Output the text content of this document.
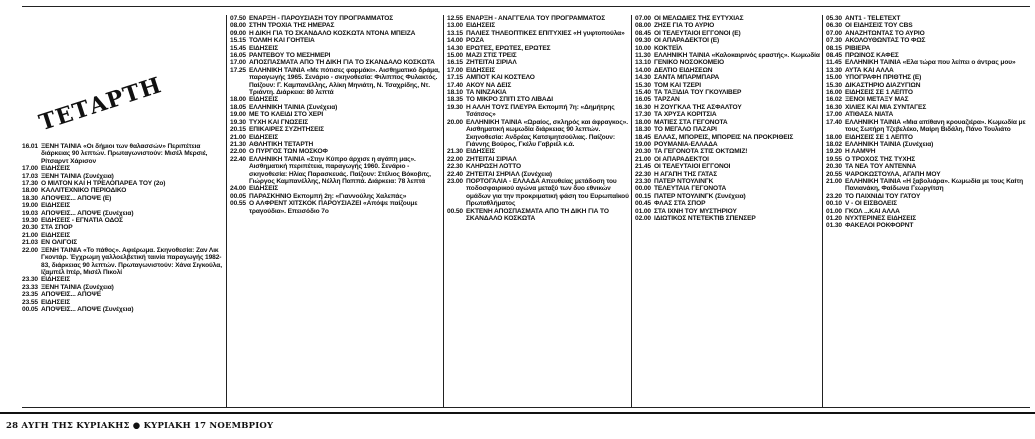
16.01 ΞΕΝΗ ΤΑΙΝΙΑ «Οι δήμιοι των θαλασσών» Περιπέτεια διάρκειας 90 λεπτών. Πρωταγωνιστούν: Μισέλ Μερσιέ, Ρίτσαρντ Χάρισον
17.00 ΕΙΔΗΣΕΙΣ
17.03 ΞΕΝΗ ΤΑΙΝΙΑ (Συνέχεια)
17.30 Ο ΜΙΛΤΟΝ ΚΑΙ Η ΤΡΕΛΟΠΑΡΕΑ ΤΟΥ (2ο)
18.00 ΚΑΛΛΙΤΕΧΝΙΚΟ ΠΕΡΙΟΔΙΚΟ
18.30 ΑΠΟΨΕΙΣ... ΑΠΟΨΕ (Ε)
19.00 ΕΙΔΗΣΕΙΣ
19.03 ΑΠΟΨΕΙΣ... ΑΠΟΨΕ (Συνέχεια)
19.30 ΕΙΔΗΣΕΙΣ - ΕΓΝΑΤΙΑ ΟΔΟΣ
20.30 ΣΤΑ ΣΠΟΡ
21.00 ΕΙΔΗΣΕΙΣ
21.03 ΕΝ ΟΛΙΓΟΙΣ
22.00 ΞΕΝΗ ΤΑΙΝΙΑ «Το πάθος». Αφιέρωμα. Σκηνοθεσία: Ζαν Λικ Γκοντάρ. Έγχρωμη γαλλοελβετική ταινία παραγωγής 1982-83, διάρκειας 90 λεπτών. Πρωταγωνιστούν: Χάνα Σιγκούλα, Ιζαμπέλ Ιπέρ, Μισέλ Πικολί
23.30 ΕΙΔΗΣΕΙΣ
23.33 ΞΕΝΗ ΤΑΙΝΙΑ (Συνέχεια)
23.35 ΑΠΟΨΕΙΣ... ΑΠΟΨΕ
23.55 ΕΙΔΗΣΕΙΣ
00.05 ΑΠΟΨΕΙΣ... ΑΠΟΨΕ (Συνέχεια)
07.50 ΕΝΑΡΞΗ - ΠΑΡΟΥΣΙΑΣΗ ΤΟΥ ΠΡΟΓΡΑΜΜΑΤΟΣ
08.00 ΣΤΗΝ ΤΡΟΧΙΑ ΤΗΣ ΗΜΕΡΑΣ
09.00 Η ΔΙΚΗ ΓΙΑ ΤΟ ΣΚΑΝΔΑΛΟ ΚΟΣΚΩΤΑ ΝΤΟΝΑ ΜΠΕΙΖΑ
15.15 ΤΟΛΜΗ ΚΑΙ ΓΟΗΤΕΙΑ
15.45 ΕΙΔΗΣΕΙΣ
16.05 ΡΑΝΤΕΒΟΥ ΤΟ ΜΕΣΗΜΕΡΙ
17.00 ΑΠΟΣΠΑΣΜΑΤΑ ΑΠΟ ΤΗ ΔΙΚΗ ΓΙΑ ΤΟ ΣΚΑΝΔΑΛΟ ΚΟΣΚΩΤΑ
17.25 ΕΛΛΗΝΙΚΗ ΤΑΙΝΙΑ «Με πότισες φαρμάκι». Αισθηματικό δράμα, παραγωγής 1965. Σενάριο - σκηνοθεσία: Φιλιππος Φυλακτός. Παίζουν: Γ. Καμπανέλλης, Αλίκη Μηνιάτη, Ν. Τσαχρίδης, Ντ. Τριάντη. Διάρκεια: 80 λεπτά
18.00 ΕΙΔΗΣΕΙΣ
18.05 ΕΛΛΗΝΙΚΗ ΤΑΙΝΙΑ (Συνέχεια)
19.00 ΜΕ ΤΟ ΚΛΕΙΔΙ ΣΤΟ ΧΕΡΙ
19.30 ΤΥΧΗ ΚΑΙ ΓΝΩΣΕΙΣ
20.15 ΕΠΙΚΑΙΡΕΣ ΣΥΖΗΤΗΣΕΙΣ
21.00 ΕΙΔΗΣΕΙΣ
21.30 ΑΘΛΗΤΙΚΗ ΤΕΤΑΡΤΗ
22.00 Ο ΠΥΡΓΟΣ ΤΩΝ ΜΟΣΚΟΦ
22.40 ΕΛΛΗΝΙΚΗ ΤΑΙΝΙΑ «Στην Κύπρο άρχισε η αγάπη μας». Αισθηματική περιπέτεια, παραγωγής 1960. Σενάριο - σκηνοθεσία: Ηλίας Παρασκευάς. Παίζουν: Στέλιος Βόκοβιτς, Γιώργος Καμπανέλλης, Νέλλη Παππά. Διάρκεια: 78 λεπτά
24.00 ΕΙΔΗΣΕΙΣ
00.05 ΠΑΡΑΣΚΗΝΙΟ Εκπομπή 2η: «Γιαννούλης Χαλεπάς»
00.55 Ο ΑΛΦΡΕΝΤ ΧΙΤΣΚΟΚ ΠΑΡΟΥΣΙΑΖΕΙ «Απόψε παίζουμε τραγούδια». Επεισόδιο 7ο
12.55 ΕΝΑΡΞΗ - ΑΝΑΓΓΕΛΙΑ ΤΟΥ ΠΡΟΓΡΑΜΜΑΤΟΣ
13.00 ΕΙΔΗΣΕΙΣ
13.15 ΠΑΛΙΕΣ ΤΗΛΕΟΠΤΙΚΕΣ ΕΠΙΤΥΧΙΕΣ «Η γυφτοπούλα»
14.00 ΡΟΖΑ
14.30 ΕΡΩΤΕΣ, ΕΡΩΤΕΣ, ΕΡΩΤΕΣ
15.00 ΜΑΖΙ ΣΤΙΣ ΤΡΕΙΣ
16.15 ΖΗΤΕΙΤΑΙ ΣΙΡΙΑΛ
17.00 ΕΙΔΗΣΕΙΣ
17.15 ΑΜΠΟΤ ΚΑΙ ΚΟΣΤΕΛΟ
17.40 ΑΚΟΥ ΝΑ ΔΕΙΣ
18.10 ΤΑ ΝΙΝΖΑΚΙΑ
18.35 ΤΟ ΜΙΚΡΟ ΣΠΙΤΙ ΣΤΟ ΛΙΒΑΔΙ
19.30 Η ΑΛΛΗ ΤΟΥΣ ΠΛΕΥΡΑ Εκπομπή 7η: «Δημήτρης Τσάτσος»
20.00 ΕΛΛΗΝΙΚΗ ΤΑΙΝΙΑ «Ωραίος, σκληρός και άφραγκος». Αισθηματική κωμωδία διάρκειας 90 λεπτών. Σκηνοθεσία: Ανδρέας Κατσιμητσούλιας. Παίζουν: Γιάννης Βούρος, Γκέλυ Γαβριέλ κ.ά.
21.30 ΕΙΔΗΣΕΙΣ
22.00 ΖΗΤΕΙΤΑΙ ΣΙΡΙΑΛ
22.30 ΚΛΗΡΩΣΗ ΛΟΤΤΟ
22.40 ΖΗΤΕΙΤΑΙ ΣΗΡΙΑΛ (Συνέχεια)
23.00 ΠΟΡΤΟΓΑΛΙΑ - ΕΛΛΑΔΑ Απευθείας μετάδοση του ποδοσφαιρικού αγώνα μεταξύ των δυο εθνικών ομάδων για την προκριματική φάση του Ευρωπαϊκού Πρωταθλήματος
00.50 ΕΚΤΕΝΗ ΑΠΟΣΠΑΣΜΑΤΑ ΑΠΟ ΤΗ ΔΙΚΗ ΓΙΑ ΤΟ ΣΚΑΝΔΑΛΟ ΚΟΣΚΩΤΑ
07.00 ΟΙ ΜΕΛΩΔΙΕΣ ΤΗΣ ΕΥΤΥΧΙΑΣ
08.00 ΖΗΣΕ ΓΙΑ ΤΟ ΑΥΡΙΟ
08.45 ΟΙ ΤΕΛΕΥΤΑΙΟΙ ΕΓΓΟΝΟΙ (Ε)
09.30 ΟΙ ΑΠΑΡΑΔΕΚΤΟΙ (Ε)
10.00 ΚΟΚΤΕΪΛ
11.30 ΕΛΛΗΝΙΚΗ ΤΑΙΝΙΑ «Καλοκαιρινός εραστής». Κωμωδία
13.10 ΓΕΝΙΚΟ ΝΟΣΟΚΟΜΕΙΟ
14.00 ΔΕΛΤΙΟ ΕΙΔΗΣΕΩΝ
14.30 ΣΑΝΤΑ ΜΠΑΡΜΠΑΡΑ
15.30 ΤΟΜ ΚΑΙ ΤΖΕΡΙ
15.40 ΤΑ ΤΑΞΙΔΙΑ ΤΟΥ ΓΚΟΥΛΙΒΕΡ
16.05 ΤΑΡΖΑΝ
16.30 Η ΖΟΥΓΚΛΑ ΤΗΣ ΑΣΦΑΛΤΟΥ
17.30 ΤΑ ΧΡΥΣΑ ΚΟΡΙΤΣΙΑ
18.00 ΜΑΤΙΕΣ ΣΤΑ ΓΕΓΟΝΟΤΑ
18.30 ΤΟ ΜΕΓΑΛΟ ΠΑΖΑΡΙ
18.45 ΕΛΛΑΣ, ΜΠΟΡΕΙΣ, ΜΠΟΡΕΙΣ ΝΑ ΠΡΟΚΡΙΘΕΙΣ
19.00 ΡΟΥΜΑΝΙΑ-ΕΛΛΑΔΑ
20.30 ΤΑ ΓΕΓΟΝΟΤΑ ΣΤΙΣ ΟΚΤΩΜΙΖ!
21.00 ΟΙ ΑΠΑΡΑΔΕΚΤΟΙ
21.45 ΟΙ ΤΕΛΕΥΤΑΙΟΙ ΕΓΓΟΝΟΙ
22.30 Η ΑΓΑΠΗ ΤΗΣ ΓΑΤΑΣ
23.30 ΠΑΤΕΡ ΝΤΟΥΛΙΝΓΚ
00.00 ΤΕΛΕΥΤΑΙΑ ΓΕΓΟΝΟΤΑ
00.15 ΠΑΤΕΡ ΝΤΟΥΛΙΝΓΚ (Συνέχεια)
00.45 ΦΛΑΣ ΣΤΑ ΣΠΟΡ
01.00 ΣΤΑ ΙΧΝΗ ΤΟΥ ΜΥΣΤΗΡΙΟΥ
02.00 ΙΔΙΩΤΙΚΟΣ ΝΤΕΤΕΚΤΙΒ ΣΠΕΝΣΕΡ
05.30 ΑΝΤ1 - TELETEXT
06.30 ΟΙ ΕΙΔΗΣΕΙΣ ΤΟΥ CBS
07.00 ΑΝΑΖΗΤΩΝΤΑΣ ΤΟ ΑΥΡΙΟ
07.30 ΑΚΟΛΟΥΘΩΝΤΑΣ ΤΟ ΦΩΣ
08.15 ΡΙΒΙΕΡΑ
08.45 ΠΡΩΙΝΟΣ ΚΑΦΕΣ
11.45 ΕΛΛΗΝΙΚΗ ΤΑΙΝΙΑ «Ελα τώρα που λείπει ο άντρας μου»
13.30 ΑΥΤΑ ΚΑΙ ΑΛΛΑ
15.00 ΥΠΟΓΡΑΦΗ ΠΡΙΘΤΗΣ (Ε)
15.30 ΔΙΚΑΣΤΗΡΙΟ ΔΙΑΖΥΓΙΩΝ
16.00 ΕΙΔΗΣΕΙΣ ΣΕ 1 ΛΕΠΤΟ
16.02 ΞΕΝΟΙ ΜΕΤΑΞΥ ΜΑΣ
16.30 ΧΙΛΙΕΣ ΚΑΙ ΜΙΑ ΣΥΝΤΑΓΕΣ
17.00 ΑΤΙΘΑΣΑ ΝΙΑΤΑ
17.40 ΕΛΛΗΝΙΚΗ ΤΑΙΝΙΑ «Μια απίθανη κρουαζιέρα». Κωμωδία με τους Σωτήρη Τζεβελέκο, Μαίρη Βιδάλη, Πάνο Τουλιάτο
18.00 ΕΙΔΗΣΕΙΣ ΣΕ 1 ΛΕΠΤΟ
18.02 ΕΛΛΗΝΙΚΗ ΤΑΙΝΙΑ (Συνέχεια)
19.20 Η ΛΑΜΨΗ
19.55 Ο ΤΡΟΧΟΣ ΤΗΣ ΤΥΧΗΣ
20.30 ΤΑ ΝΕΑ ΤΟΥ ΑΝΤΕΝΝΑ
20.55 ΨΑΡΟΚΩΣΤΟΥΛΑ, ΑΓΑΠΗ ΜΟΥ
21.00 ΕΛΛΗΝΙΚΗ ΤΑΙΝΙΑ «Η ξαβολιάρα». Κωμωδία με τους Καίτη Πανιανάκη, Φαίδωνα Γεωργίτση
23.20 ΤΟ ΠΑΙΧΝΙΔΙ ΤΟΥ ΓΑΤΟΥ
00.10 V - ΟΙ ΕΙΣΒΟΛΕΙΣ
01.00 ΓΚΟΛ ...ΚΑΙ ΑΛΛΑ
01.20 ΝΥΧΤΕΡΙΝΕΣ ΕΙΔΗΣΕΙΣ
01.30 ΦΑΚΕΛΟΙ ΡΟΚΦΟΡΝΤ
ΤΕΤΑΡΤΗ
28 ΑΥΓΗ ΤΗΣ ΚΥΡΙΑΚΗΣ ● ΚΥΡΙΑΚΗ 17 ΝΟΕΜΒΡΙΟΥ
